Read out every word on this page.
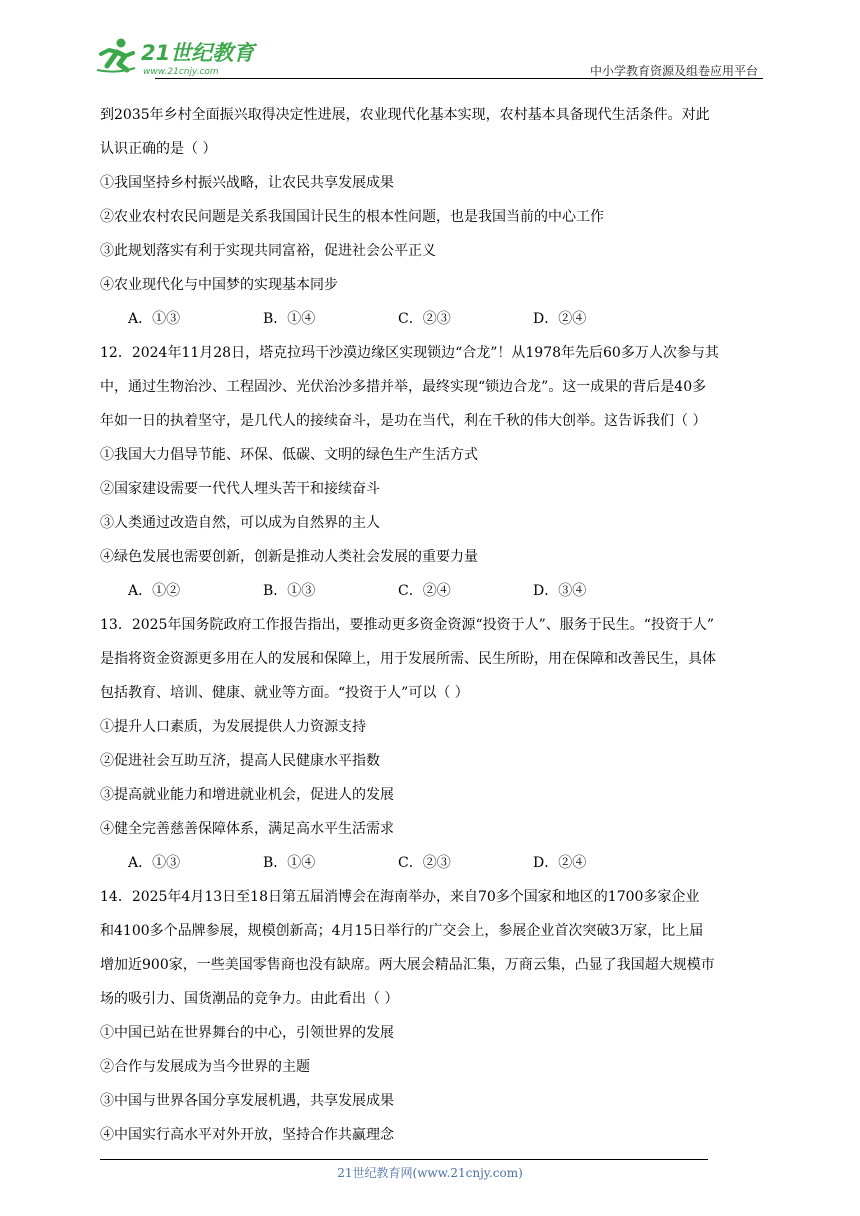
21世纪教育
www.21cnjy.com	中小学教育资源及组卷应用平台
到2035年乡村全面振兴取得决定性进展，农业现代化基本实现，农村基本具备现代生活条件。对此
认识正确的是（ ）
①我国坚持乡村振兴战略，让农民共享发展成果
②农业农村农民问题是关系我国国计民生的根本性问题，也是我国当前的中心工作
③此规划落实有利于实现共同富裕，促进社会公平正义
④农业现代化与中国梦的实现基本同步
A．①③	B．①④	C．②③	D．②④
12．2024年11月28日，塔克拉玛干沙漠边缘区实现锁边“合龙”！从1978年先后60多万人次参与其
中，通过生物治沙、工程固沙、光伏治沙多措并举，最终实现“锁边合龙”。这一成果的背后是40多
年如一日的执着坚守，是几代人的接续奋斗，是功在当代，利在千秋的伟大创举。这告诉我们（ ）
①我国大力倡导节能、环保、低碳、文明的绿色生产生活方式
②国家建设需要一代代人埋头苦干和接续奋斗
③人类通过改造自然，可以成为自然界的主人
④绿色发展也需要创新，创新是推动人类社会发展的重要力量
A．①②	B．①③	C．②④	D．③④
13．2025年国务院政府工作报告指出，要推动更多资金资源“投资于人”、服务于民生。“投资于人”
是指将资金资源更多用在人的发展和保障上，用于发展所需、民生所盼，用在保障和改善民生，具体
包括教育、培训、健康、就业等方面。“投资于人”可以（ ）
①提升人口素质，为发展提供人力资源支持
②促进社会互助互济，提高人民健康水平指数
③提高就业能力和增进就业机会，促进人的发展
④健全完善慈善保障体系，满足高水平生活需求
A．①③	B．①④	C．②③	D．②④
14．2025年4月13日至18日第五届消博会在海南举办，来自70多个国家和地区的1700多家企业
和4100多个品牌参展，规模创新高；4月15日举行的广交会上，参展企业首次突破3万家，比上届
增加近900家，一些美国零售商也没有缺席。两大展会精品汇集，万商云集，凸显了我国超大规模市
场的吸引力、国货潮品的竞争力。由此看出（ ）
①中国已站在世界舞台的中心，引领世界的发展
②合作与发展成为当今世界的主题
③中国与世界各国分享发展机遇，共享发展成果
④中国实行高水平对外开放，坚持合作共赢理念
21世纪教育网(www.21cnjy.com)
